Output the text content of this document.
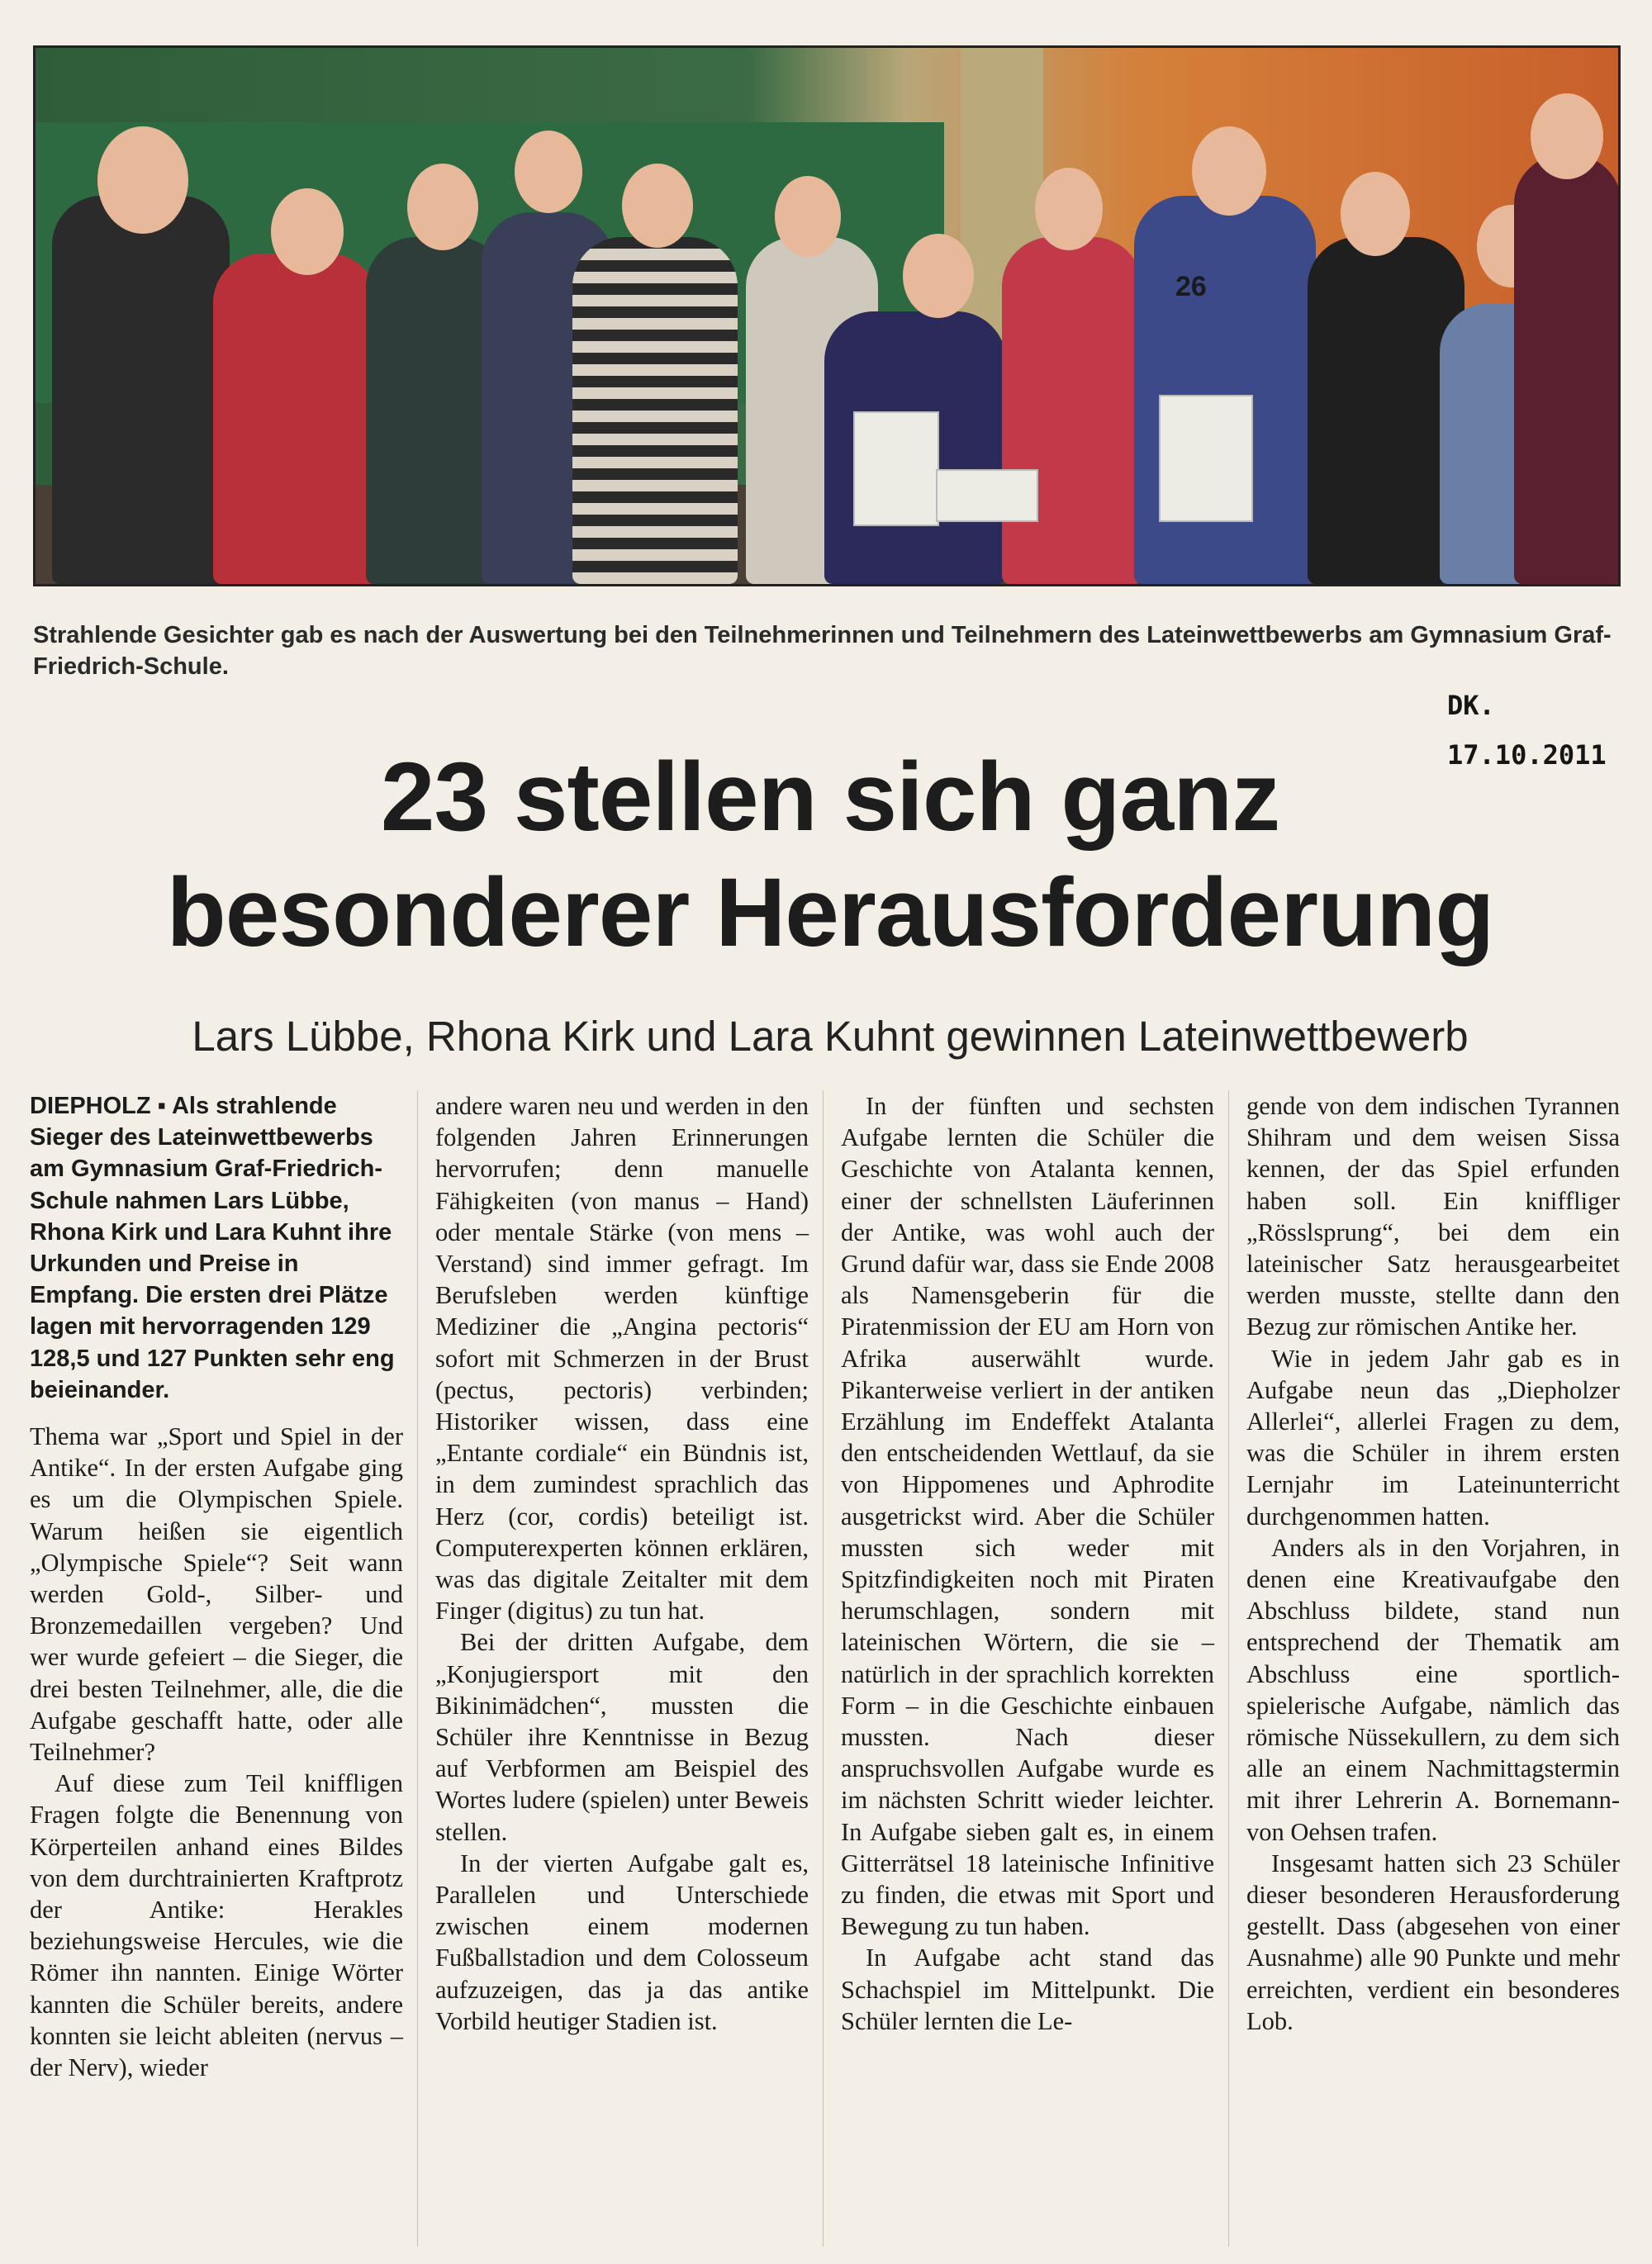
26
Strahlende Gesichter gab es nach der Auswertung bei den Teilnehmerinnen und Teilnehmern des Lateinwettbewerbs am Gymnasium Graf-Friedrich-Schule.
DK.
17.10.2011
23 stellen sich ganz
besonderer Herausforderung
Lars Lübbe, Rhona Kirk und Lara Kuhnt gewinnen Lateinwettbewerb

DIEPHOLZ ▪ Als strahlende Sieger des Lateinwettbewerbs am Gymnasium Graf-Friedrich-Schule nahmen Lars Lübbe, Rhona Kirk und Lara Kuhnt ihre Urkunden und Preise in Empfang. Die ersten drei Plätze lagen mit hervorragenden 129 128,5 und 127 Punkten sehr eng beieinander.

Thema war „Sport und Spiel in der Antike“. In der ersten Aufgabe ging es um die Olympischen Spiele. Warum heißen sie eigentlich „Olympische Spiele“? Seit wann werden Gold-, Silber- und Bronzemedaillen vergeben? Und wer wurde gefeiert – die Sieger, die drei besten Teilnehmer, alle, die die Aufgabe geschafft hatte, oder alle Teilnehmer?

Auf diese zum Teil kniffligen Fragen folgte die Benennung von Körperteilen anhand eines Bildes von dem durchtrainierten Kraftprotz der Antike: Herakles beziehungsweise Hercules, wie die Römer ihn nannten. Einige Wörter kannten die Schüler bereits, andere konnten sie leicht ableiten (nervus – der Nerv), wieder

andere waren neu und werden in den folgenden Jahren Erinnerungen hervorrufen; denn manuelle Fähigkeiten (von manus – Hand) oder mentale Stärke (von mens – Verstand) sind immer gefragt. Im Berufsleben werden künftige Mediziner die „Angina pectoris“ sofort mit Schmerzen in der Brust (pectus, pectoris) verbinden; Historiker wissen, dass eine „Entante cordiale“ ein Bündnis ist, in dem zumindest sprachlich das Herz (cor, cordis) beteiligt ist. Computerexperten können erklären, was das digitale Zeitalter mit dem Finger (digitus) zu tun hat.

Bei der dritten Aufgabe, dem „Konjugiersport mit den Bikinimädchen“, mussten die Schüler ihre Kenntnisse in Bezug auf Verbformen am Beispiel des Wortes ludere (spielen) unter Beweis stellen.

In der vierten Aufgabe galt es, Parallelen und Unterschiede zwischen einem modernen Fußballstadion und dem Colosseum aufzuzeigen, das ja das antike Vorbild heutiger Stadien ist.

In der fünften und sechsten Aufgabe lernten die Schüler die Geschichte von Atalanta kennen, einer der schnellsten Läuferinnen der Antike, was wohl auch der Grund dafür war, dass sie Ende 2008 als Namensgeberin für die Piratenmission der EU am Horn von Afrika auserwählt wurde. Pikanterweise verliert in der antiken Erzählung im Endeffekt Atalanta den entscheidenden Wettlauf, da sie von Hippomenes und Aphrodite ausgetrickst wird. Aber die Schüler mussten sich weder mit Spitzfindigkeiten noch mit Piraten herumschlagen, sondern mit lateinischen Wörtern, die sie – natürlich in der sprachlich korrekten Form – in die Geschichte einbauen mussten. Nach dieser anspruchsvollen Aufgabe wurde es im nächsten Schritt wieder leichter. In Aufgabe sieben galt es, in einem Gitterrätsel 18 lateinische Infinitive zu finden, die etwas mit Sport und Bewegung zu tun haben.

In Aufgabe acht stand das Schachspiel im Mittelpunkt. Die Schüler lernten die Le-

gende von dem indischen Tyrannen Shihram und dem weisen Sissa kennen, der das Spiel erfunden haben soll. Ein kniffliger „Rösslsprung“, bei dem ein lateinischer Satz herausgearbeitet werden musste, stellte dann den Bezug zur römischen Antike her.

Wie in jedem Jahr gab es in Aufgabe neun das „Diepholzer Allerlei“, allerlei Fragen zu dem, was die Schüler in ihrem ersten Lernjahr im Lateinunterricht durchgenommen hatten.

Anders als in den Vorjahren, in denen eine Kreativaufgabe den Abschluss bildete, stand nun entsprechend der Thematik am Abschluss eine sportlich-spielerische Aufgabe, nämlich das römische Nüssekullern, zu dem sich alle an einem Nachmittagstermin mit ihrer Lehrerin A. Bornemann-von Oehsen trafen.

Insgesamt hatten sich 23 Schüler dieser besonderen Herausforderung gestellt. Dass (abgesehen von einer Ausnahme) alle 90 Punkte und mehr erreichten, verdient ein besonderes Lob.
